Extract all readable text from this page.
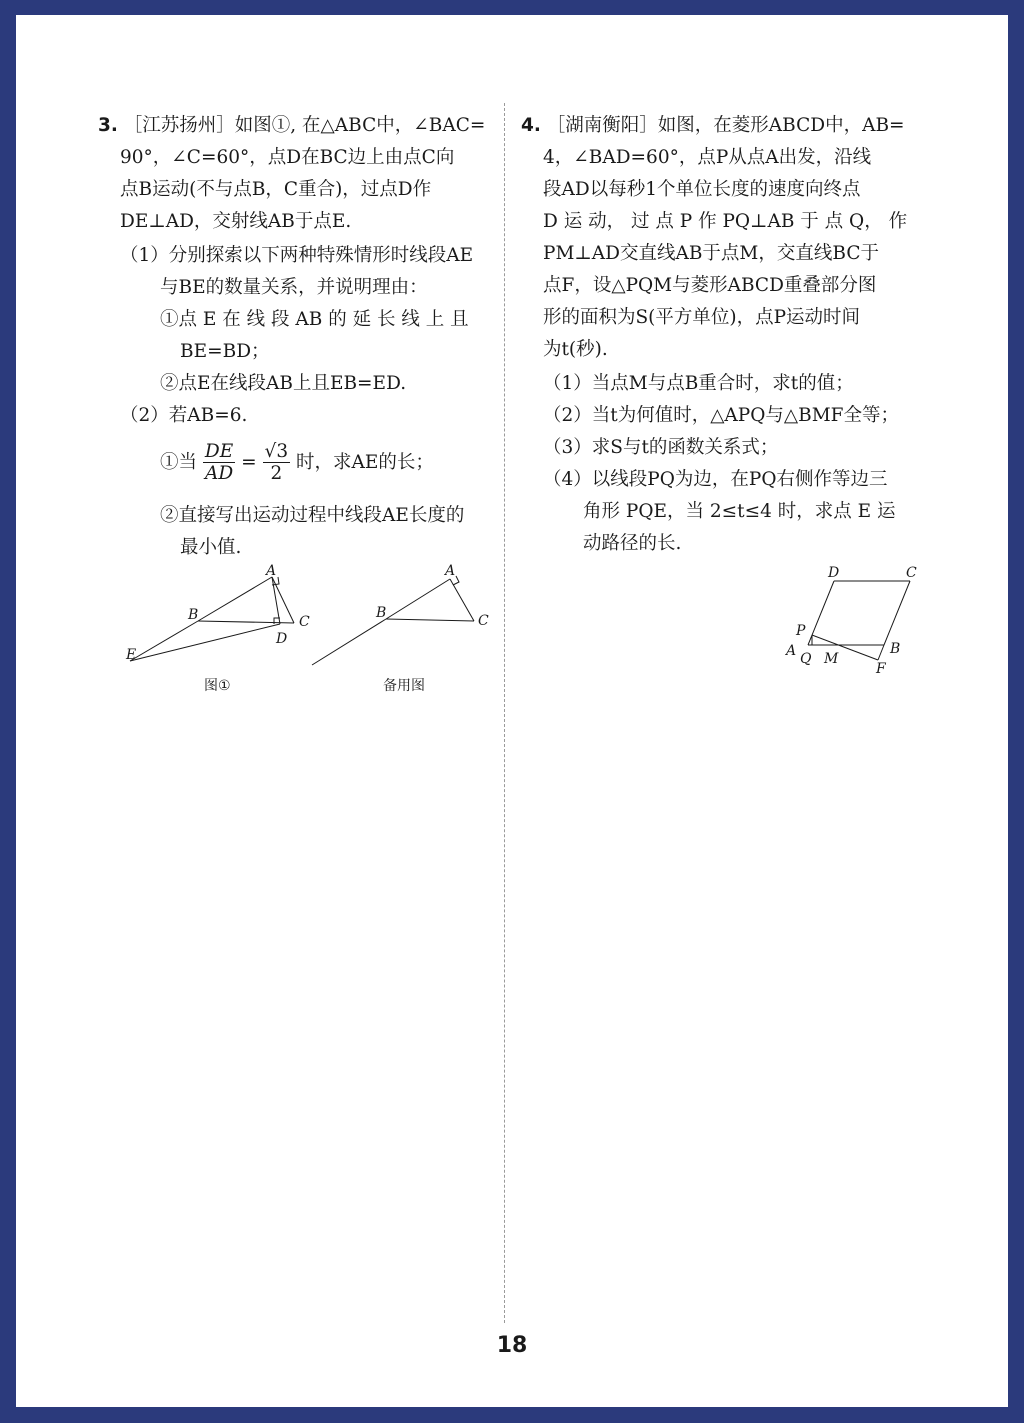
3. ［江苏扬州］如图①, 在△ABC中，∠BAC=
90°，∠C=60°，点D在BC边上由点C向
点B运动(不与点B，C重合)，过点D作
DE⊥AD，交射线AB于点E.
（1）分别探索以下两种特殊情形时线段AE
与BE的数量关系，并说明理由：
①点 E 在 线 段 AB 的 延 长 线 上 且
BE=BD；
②点E在线段AB上且EB=ED.
（2）若AB=6.
①当 $\frac{DE}{AD} = \frac{√3}{2}$ 时，求AE的长；
②直接写出运动过程中线段AE长度的
最小值.
A
B	C
D
E
A
B	C
图①	备用图
4. ［湖南衡阳］如图，在菱形ABCD中，AB=
4，∠BAD=60°，点P从点A出发，沿线
段AD以每秒1个单位长度的速度向终点
D 运 动， 过 点 P 作 PQ⊥AB 于 点 Q， 作
PM⊥AD交直线AB于点M，交直线BC于
点F，设△PQM与菱形ABCD重叠部分图
形的面积为S(平方单位)，点P运动时间
为t(秒).
（1）当点M与点B重合时，求t的值；
（2）当t为何值时，△APQ与△BMF全等；
（3）求S与t的函数关系式；
（4）以线段PQ为边，在PQ右侧作等边三
角形 PQE，当 2≤t≤4 时，求点 E 运
动路径的长.
D	C
P
A Q M
B
F
18
